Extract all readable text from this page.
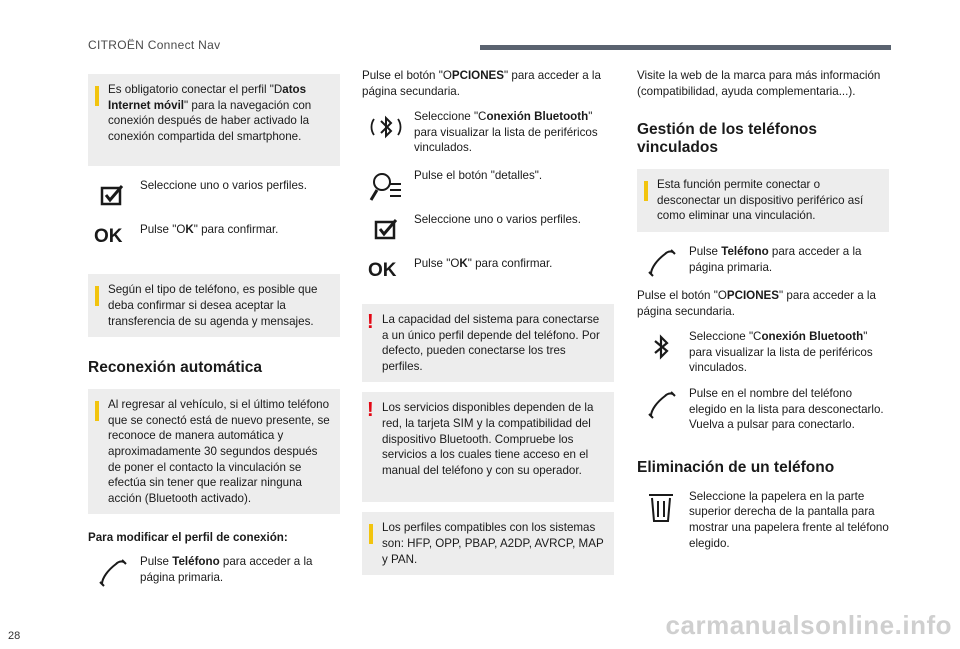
CITROËN Connect Nav
Es obligatorio conectar el perfil "Datos Internet móvil" para la navegación con conexión después de haber activado la conexión compartida del smartphone.

Seleccione uno o varios perfiles.

OK Pulse "OK" para confirmar.

Según el tipo de teléfono, es posible que deba confirmar si desea aceptar la transferencia de su agenda y mensajes.
Reconexión automática
Al regresar al vehículo, si el último teléfono que se conectó está de nuevo presente, se reconoce de manera automática y aproximadamente 30 segundos después de poner el contacto la vinculación se efectúa sin tener que realizar ninguna acción (Bluetooth activado).

Para modificar el perfil de conexión:

Pulse Teléfono para acceder a la página primaria.

Pulse el botón "OPCIONES" para acceder a la página secundaria.

Seleccione "Conexión Bluetooth" para visualizar la lista de periféricos vinculados.

Pulse el botón "detalles".

Seleccione uno o varios perfiles.

OK Pulse "OK" para confirmar.

! La capacidad del sistema para conectarse a un único perfil depende del teléfono. Por defecto, pueden conectarse los tres perfiles.
! Los servicios disponibles dependen de la red, la tarjeta SIM y la compatibilidad del dispositivo Bluetooth. Compruebe los servicios a los cuales tiene acceso en el manual del teléfono y con su operador.
Los perfiles compatibles con los sistemas son: HFP, OPP, PBAP, A2DP, AVRCP, MAP y PAN.

Visite la web de la marca para más información (compatibilidad, ayuda complementaria...).

Gestión de los teléfonos vinculados
Esta función permite conectar o desconectar un dispositivo periférico así como eliminar una vinculación.

Pulse Teléfono para acceder a la página primaria.

Pulse el botón "OPCIONES" para acceder a la página secundaria.

Seleccione "Conexión Bluetooth" para visualizar la lista de periféricos vinculados.

Pulse en el nombre del teléfono elegido en la lista para desconectarlo.

Vuelva a pulsar para conectarlo.

Eliminación de un teléfono

Seleccione la papelera en la parte superior derecha de la pantalla para mostrar una papelera frente al teléfono elegido.

28	carmanualsonline.info
